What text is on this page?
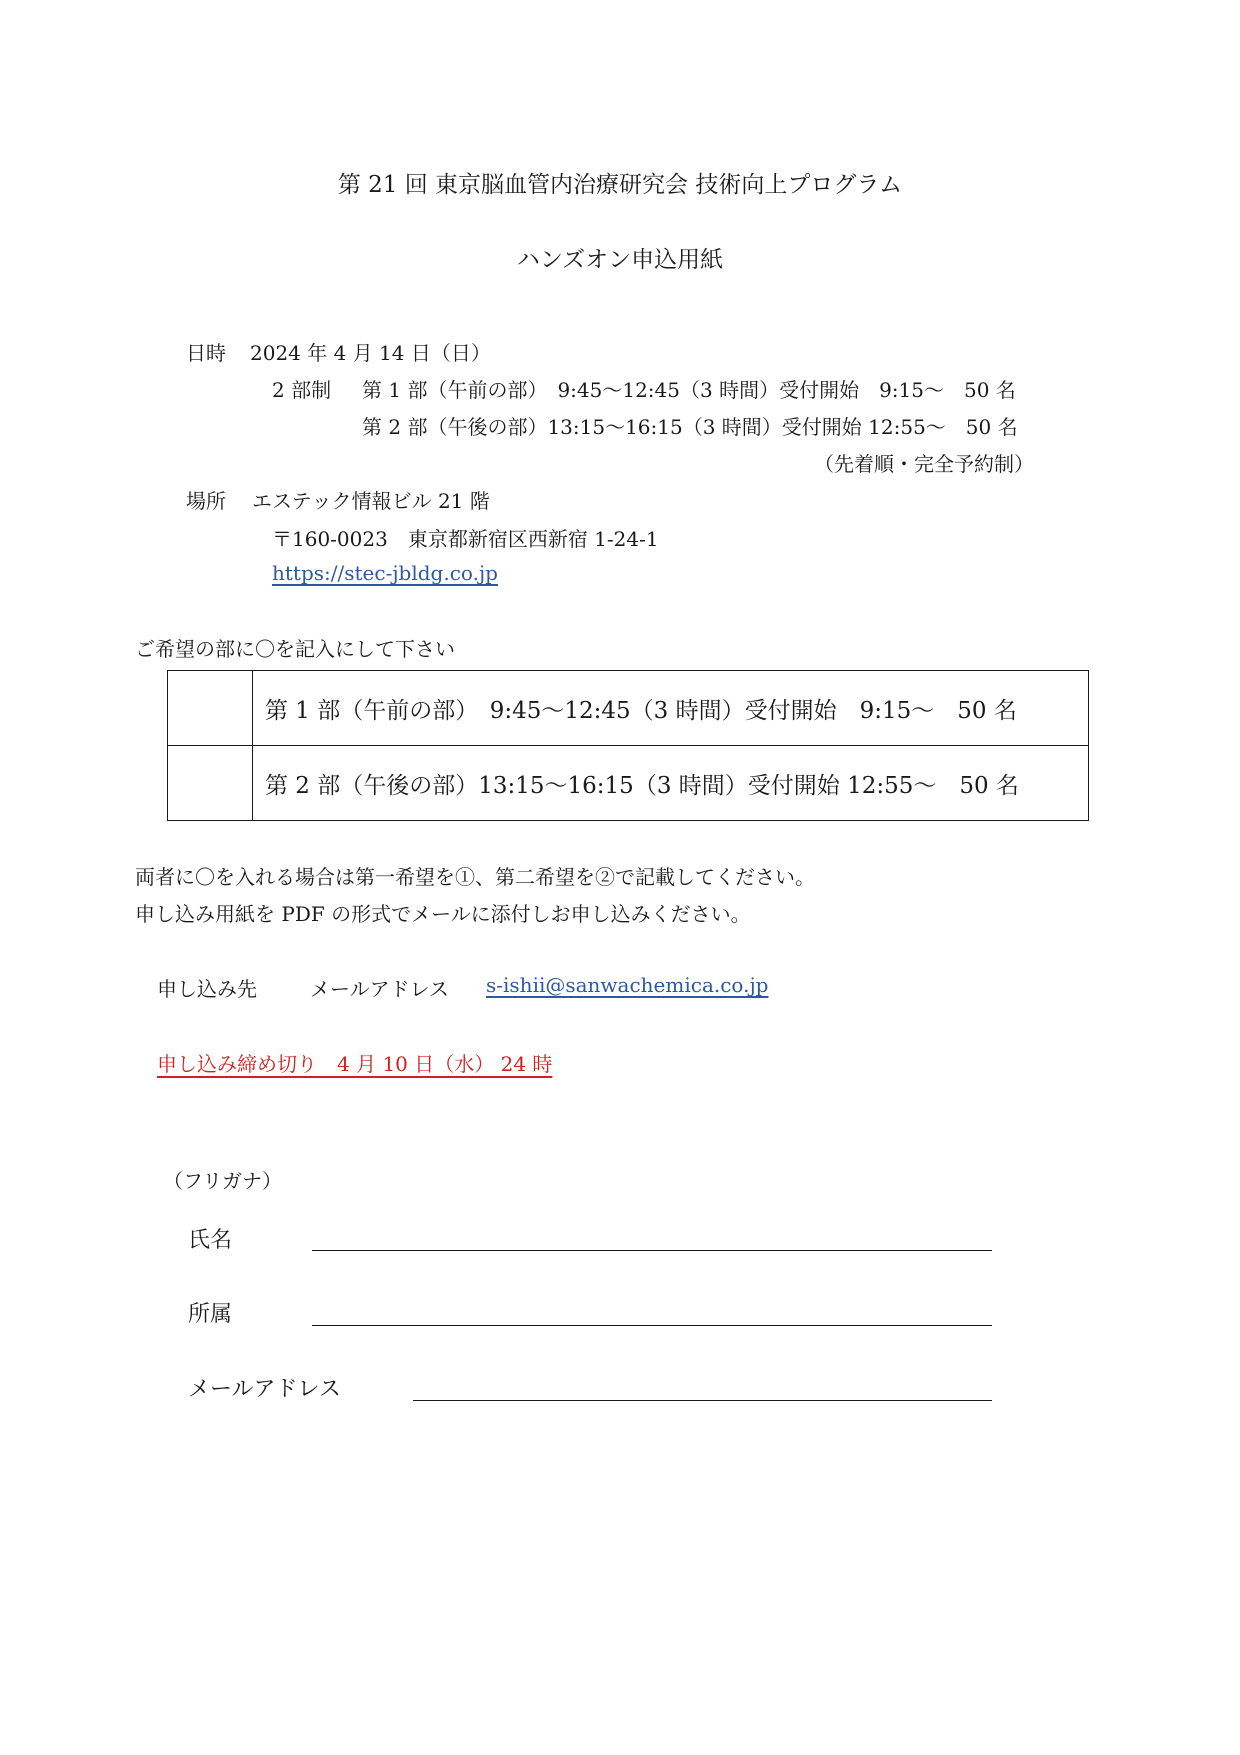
第 21 回 東京脳血管内治療研究会 技術向上プログラム
ハンズオン申込用紙
日時 2024 年 4 月 14 日（日）
2 部制 第 1 部（午前の部）　9:45～12:45（3 時間）受付開始　9:15～　50 名
第 2 部（午後の部）13:15～16:15（3 時間）受付開始 12:55～　50 名
（先着順・完全予約制）
場所 エステック情報ビル 21 階
〒160-0023　東京都新宿区西新宿 1-24-1
https://stec-jbldg.co.jp
ご希望の部に〇を記入にして下さい
	第 1 部（午前の部）　9:45～12:45（3 時間）受付開始　9:15～　50 名
	第 2 部（午後の部）13:15～16:15（3 時間）受付開始 12:55～　50 名
両者に〇を入れる場合は第一希望を①、第二希望を②で記載してください。
申し込み用紙を PDF の形式でメールに添付しお申し込みください。
申し込み先	メールアドレス s-ishii@sanwachemica.co.jp
申し込み締め切り　4 月 10 日（水） 24 時
（フリガナ）
氏名
所属
メールアドレス
